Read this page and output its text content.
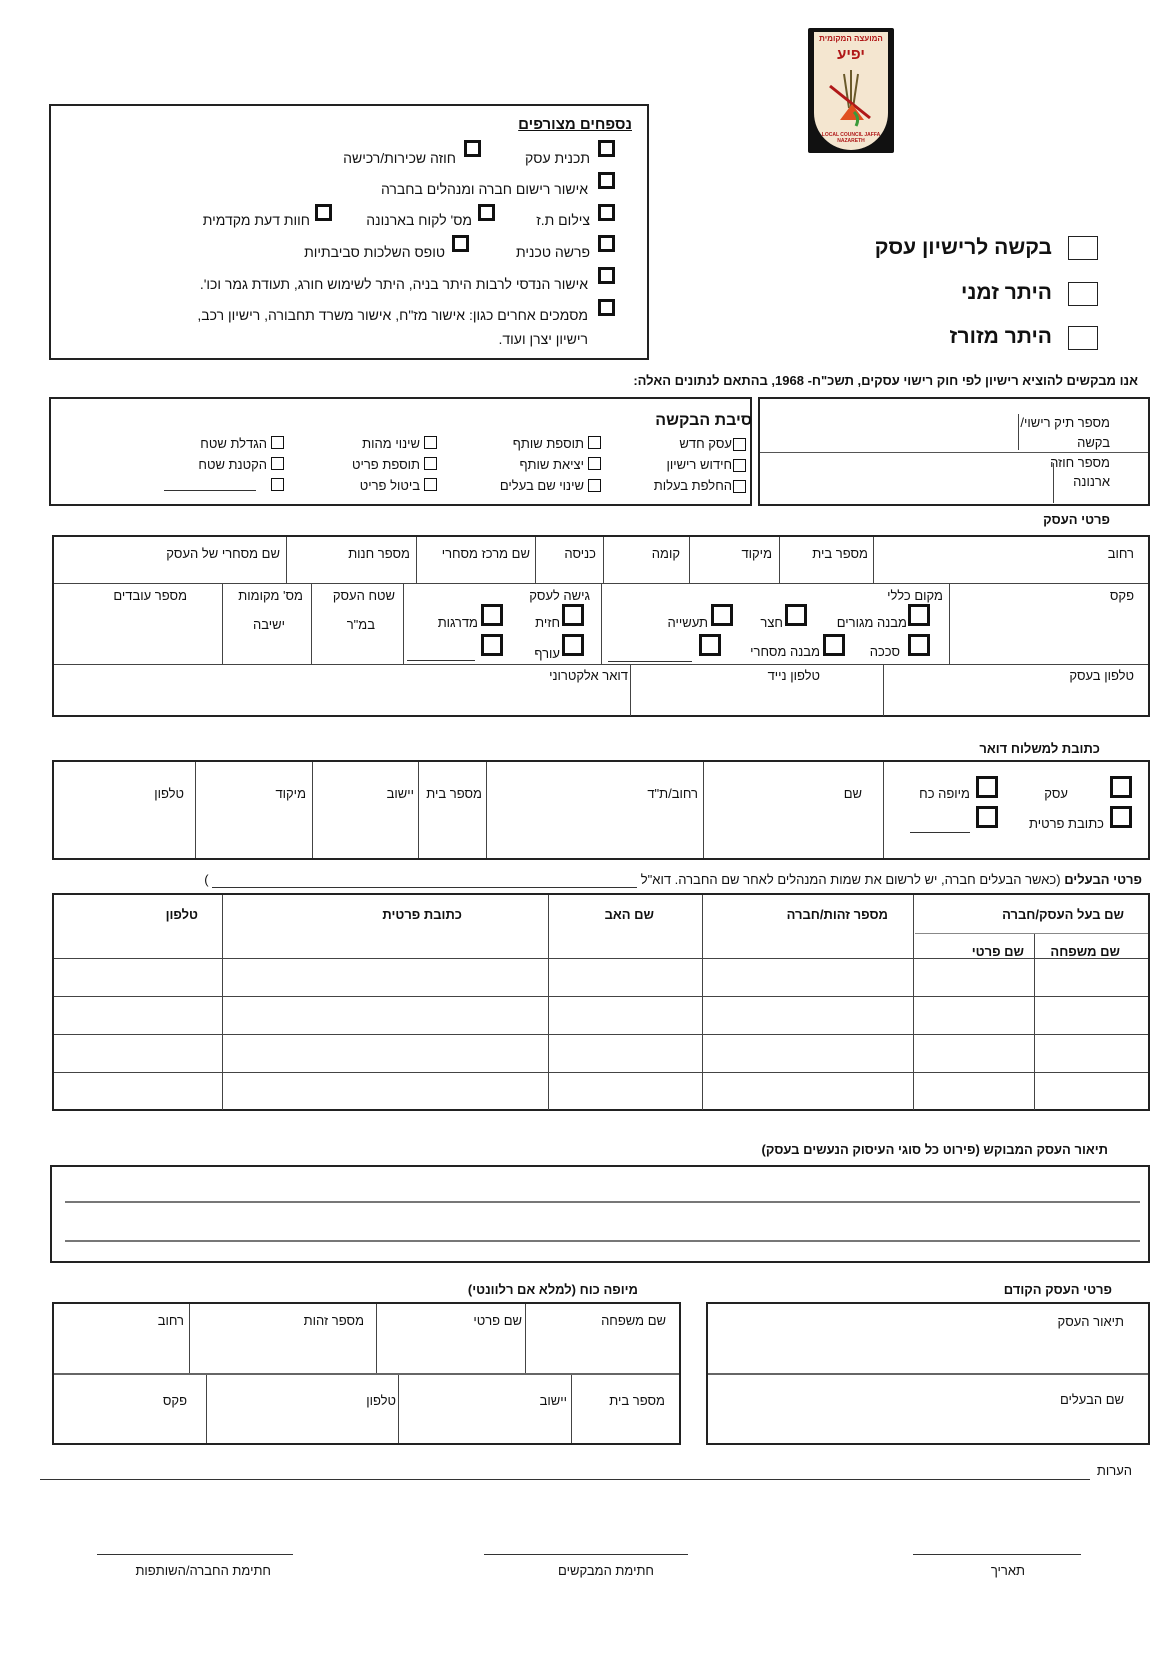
המועצה המקומית
יפיע
LOCAL COUNCIL JAFFA NAZARETH
בקשה לרישיון עסק
היתר זמני
היתר מזורז
נספחים מצורפים
תכנית עסק
חוזה שכירות/רכישה
אישור רישום חברה ומנהלים בחברה
צילום ת.ז
מס' לקוח בארנונה
חוות דעת מקדמית
פרשה טכנית
טופס השלכות סביבתיות
אישור הנדסי לרבות היתר בניה, היתר לשימוש חורג, תעודת גמר וכו'.
מסמכים אחרים כגון: אישור מז"ח, אישור משרד תחבורה, רישיון רכב,
רישיון יצרן ועוד.
אנו מבקשים להוציא רישיון לפי חוק רישוי עסקים, תשכ"ח- 1968, בהתאם לנתונים האלה:
מספר תיק רישוי/
בקשה
מספר חוזה
ארנונה
סיבת הבקשה
עסק חדש
חידוש רישיון
החלפת בעלות
תוספת שותף
יציאת שותף
שינוי שם בעלים
שינוי מהות
תוספת פריט
ביטול פריט
הגדלת שטח
הקטנת שטח
פרטי העסק
רחוב
מספר בית
מיקוד
קומה
כניסה
שם מרכז מסחרי
מספר חנות
שם מסחרי של העסק
פקס
מקום כללי
מבנה מגורים
חצר
תעשייה
סככה
מבנה מסחרי
גישה לעסק
חזית
מדרגות
עורף
שטח העסק
במ"ר
מס' מקומות
ישיבה
מספר עובדים
טלפון בעסק
טלפון נייד
דואר אלקטרוני
כתובת למשלוח דואר
עסק
מיופה כח
כתובת פרטית
שם
רחוב/ת"ד
מספר בית
יישוב
מיקוד
טלפון
פרטי הבעלים (כאשר הבעלים חברה, יש לרשום את שמות המנהלים לאחר שם החברה. דוא"ל   )
שם בעל העסק/חברה
מספר זהות/חברה
שם האב
כתובת פרטית
טלפון
שם משפחה
שם פרטי
תיאור העסק המבוקש (פירוט כל סוגי העיסוק הנעשים בעסק)
פרטי העסק הקודם
תיאור העסק
שם הבעלים
מיופה כוח (למלא אם רלוונטי)
שם משפחה
שם פרטי
מספר זהות
רחוב
מספר בית
יישוב
טלפון
פקס
הערות
תאריך
חתימת המבקשים
חתימת החברה/השותפות
